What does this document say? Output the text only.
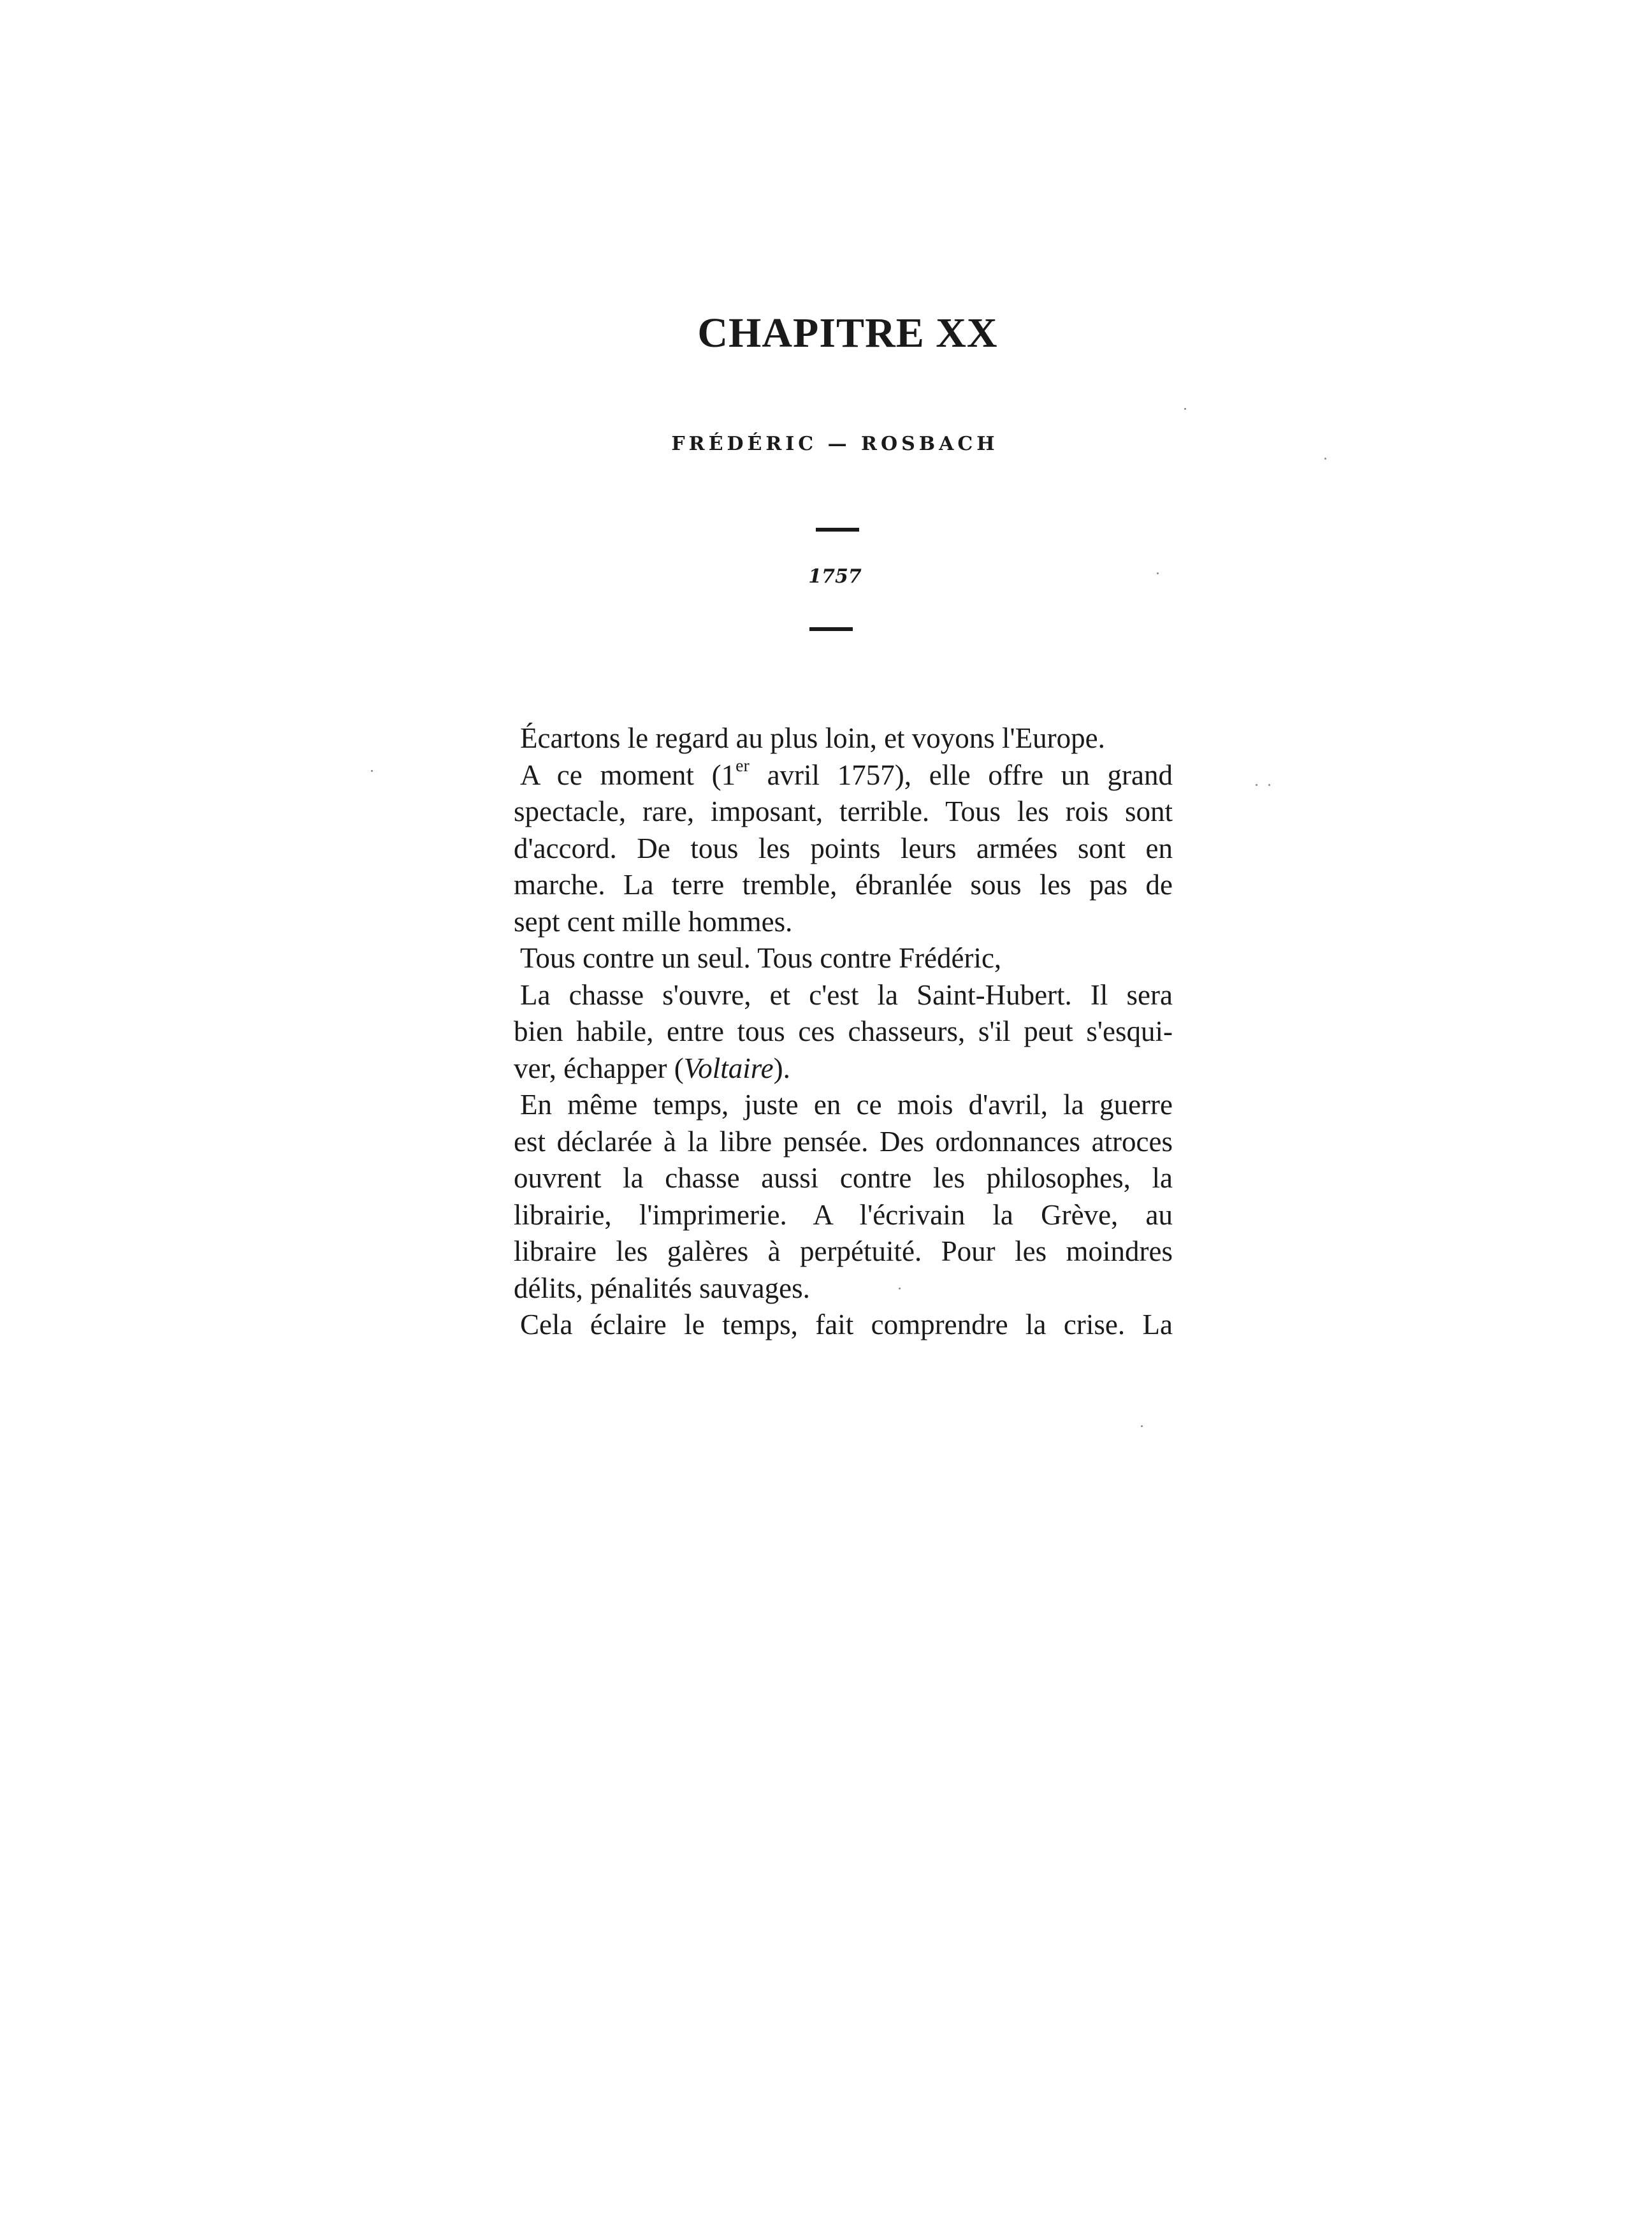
CHAPITRE XX
FRÉDÉRIC — ROSBACH
1757

Écartons le regard au plus loin, et voyons l'Europe.

A ce moment (1er avril 1757), elle offre un grand
spectacle, rare, imposant, terrible. Tous les rois sont
d'accord. De tous les points leurs armées sont en
marche. La terre tremble, ébranlée sous les pas de
sept cent mille hommes.

Tous contre un seul. Tous contre Frédéric,

La chasse s'ouvre, et c'est la Saint-Hubert. Il sera
bien habile, entre tous ces chasseurs, s'il peut s'esqui-
ver, échapper (Voltaire).

En même temps, juste en ce mois d'avril, la guerre
est déclarée à la libre pensée. Des ordonnances atroces
ouvrent la chasse aussi contre les philosophes, la
librairie, l'imprimerie. A l'écrivain la Grève, au
libraire les galères à perpétuité. Pour les moindres
délits, pénalités sauvages.

Cela éclaire le temps, fait comprendre la crise. La
